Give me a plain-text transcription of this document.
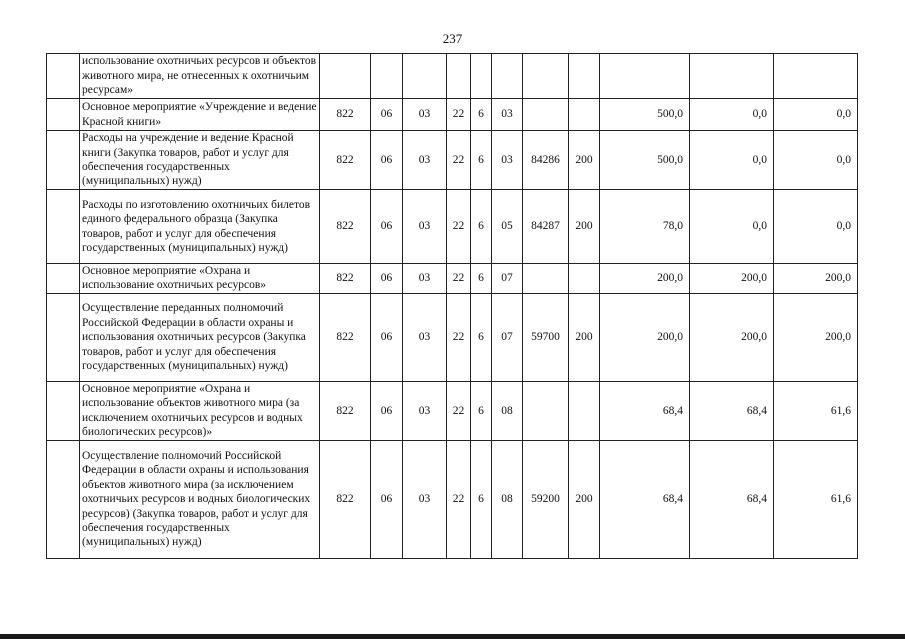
237
	использование охотничьих ресурсов и объектов животного мира, не отнесенных к охотничьим ресурсам»											
	Основное мероприятие «Учреждение и ведение Красной книги»	822	06	03	22	6	03			500,0	0,0	0,0
	Расходы на учреждение и ведение Красной книги (Закупка товаров, работ и услуг для обеспечения государственных (муниципальных) нужд)	822	06	03	22	6	03	84286	200	500,0	0,0	0,0
	Расходы по изготовлению охотничьих билетов единого федерального образца (Закупка товаров, работ и услуг для обеспечения государственных (муниципальных) нужд)	822	06	03	22	6	05	84287	200	78,0	0,0	0,0
	Основное мероприятие «Охрана и использование охотничьих ресурсов»	822	06	03	22	6	07			200,0	200,0	200,0
	Осуществление переданных полномочий Российской Федерации в области охраны и использования охотничьих ресурсов (Закупка товаров, работ и услуг для обеспечения государственных (муниципальных) нужд)	822	06	03	22	6	07	59700	200	200,0	200,0	200,0
	Основное мероприятие «Охрана и использование объектов животного мира (за исключением охотничьих ресурсов и водных биологических ресурсов)»	822	06	03	22	6	08			68,4	68,4	61,6
	Осуществление полномочий Российской Федерации в области охраны и использования объектов животного мира (за исключением охотничьих ресурсов и водных биологических ресурсов) (Закупка товаров, работ и услуг для обеспечения государственных (муниципальных) нужд)	822	06	03	22	6	08	59200	200	68,4	68,4	61,6
